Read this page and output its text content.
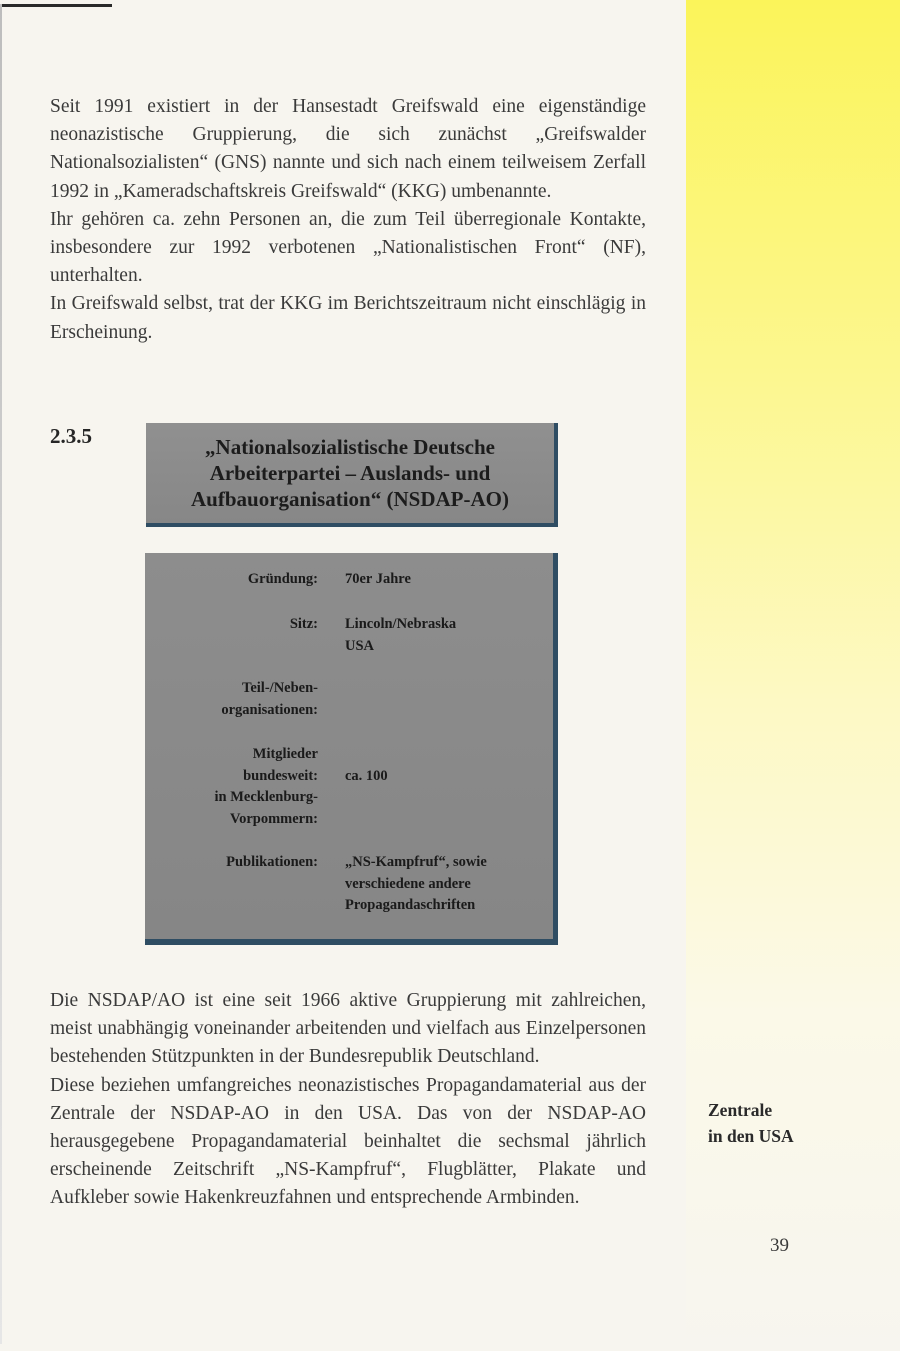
Seit 1991 existiert in der Hansestadt Greifswald eine eigenständige neonazistische Gruppierung, die sich zunächst „Greifswalder Nationalsozialisten“ (GNS) nannte und sich nach einem teilweisem Zerfall 1992 in „Kameradschaftskreis Greifswald“ (KKG) umbenannte.

Ihr gehören ca. zehn Personen an, die zum Teil überregionale Kontakte, insbesondere zur 1992 verbotenen „Nationalistischen Front“ (NF), unterhalten.

In Greifswald selbst, trat der KKG im Berichtszeitraum nicht einschlägig in Erscheinung.

2.3.5	„Nationalsozialistische Deutsche
Arbeiterpartei – Auslands- und
Aufbauorganisation“ (NSDAP-AO)
Gründung: 70er Jahre
Sitz: Lincoln/Nebraska
USA
Teil-/Neben-
organisationen:
Mitglieder
bundesweit:
in Mecklenburg-
Vorpommern:
ca. 100
Publikationen: „NS-Kampfruf“, sowie
verschiedene andere
Propagandaschriften

Die NSDAP/AO ist eine seit 1966 aktive Gruppierung mit zahlreichen, meist unabhängig voneinander arbeitenden und vielfach aus Einzelpersonen bestehenden Stützpunkten in der Bundesrepublik Deutschland.

Diese beziehen umfangreiches neonazistisches Propagandamaterial aus der Zentrale der NSDAP-AO in den USA. Das von der NSDAP-AO herausgegebene Propagandamaterial beinhaltet die sechsmal jährlich erscheinende Zeitschrift „NS-Kampfruf“, Flugblätter, Plakate und Aufkleber sowie Hakenkreuzfahnen und entsprechende Armbinden.

Zentrale
in den USA
39
